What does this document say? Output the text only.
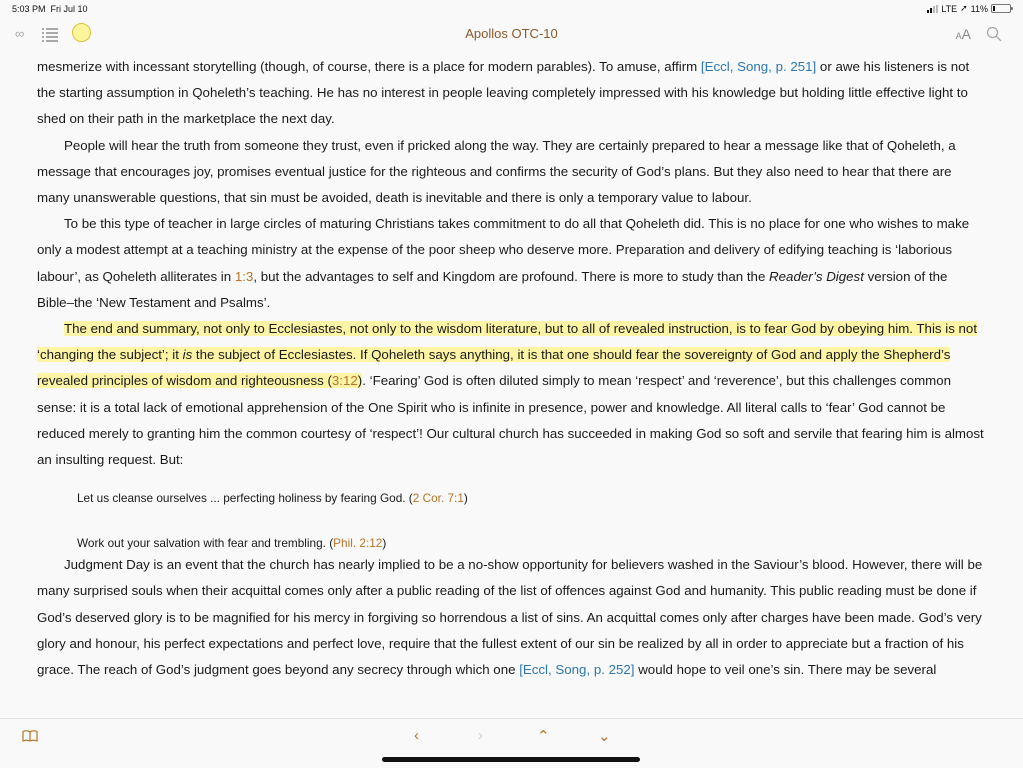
5:03 PM Fri Jul 10	LTE ➚ 11%
∞	Apollos OTC-10	AA

mesmerize with incessant storytelling (though, of course, there is a place for modern parables). To amuse, affirm [Eccl, Song, p. 251] or awe his listeners is not the starting assumption in Qoheleth’s teaching. He has no interest in people leaving completely impressed with his knowledge but holding little effective light to shed on their path in the marketplace the next day.

People will hear the truth from someone they trust, even if pricked along the way. They are certainly prepared to hear a message like that of Qoheleth, a message that encourages joy, promises eventual justice for the righteous and confirms the security of God’s plans. But they also need to hear that there are many unanswerable questions, that sin must be avoided, death is inevitable and there is only a temporary value to labour.

To be this type of teacher in large circles of maturing Christians takes commitment to do all that Qoheleth did. This is no place for one who wishes to make only a modest attempt at a teaching ministry at the expense of the poor sheep who deserve more. Preparation and delivery of edifying teaching is ‘laborious labour’, as Qoheleth alliterates in 1:3, but the advantages to self and Kingdom are profound. There is more to study than the Reader’s Digest version of the Bible–the ‘New Testament and Psalms’.

The end and summary, not only to Ecclesiastes, not only to the wisdom literature, but to all of revealed instruction, is to fear God by obeying him. This is not ‘changing the subject’; it is the subject of Ecclesiastes. If Qoheleth says anything, it is that one should fear the sovereignty of God and apply the Shepherd’s revealed principles of wisdom and righteousness (3:12). ‘Fearing’ God is often diluted simply to mean ‘respect’ and ‘reverence’, but this challenges common sense: it is a total lack of emotional apprehension of the One Spirit who is infinite in presence, power and knowledge. All literal calls to ‘fear’ God cannot be reduced merely to granting him the common courtesy of ‘respect’! Our cultural church has succeeded in making God so soft and servile that fearing him is almost an insulting request. But:

Let us cleanse ourselves ... perfecting holiness by fearing God. (2 Cor. 7:1)
Work out your salvation with fear and trembling. (Phil. 2:12)

Judgment Day is an event that the church has nearly implied to be a no-show opportunity for believers washed in the Saviour’s blood. However, there will be many surprised souls when their acquittal comes only after a public reading of the list of offences against God and humanity. This public reading must be done if God’s deserved glory is to be magnified for his mercy in forgiving so horrendous a list of sins. An acquittal comes only after charges have been made. God’s very glory and honour, his perfect expectations and perfect love, require that the fullest extent of our sin be realized by all in order to appreciate but a fraction of his grace. The reach of God’s judgment goes beyond any secrecy through which one [Eccl, Song, p. 252] would hope to veil one’s sin. There may be several

‹	›	⌃	⌄
